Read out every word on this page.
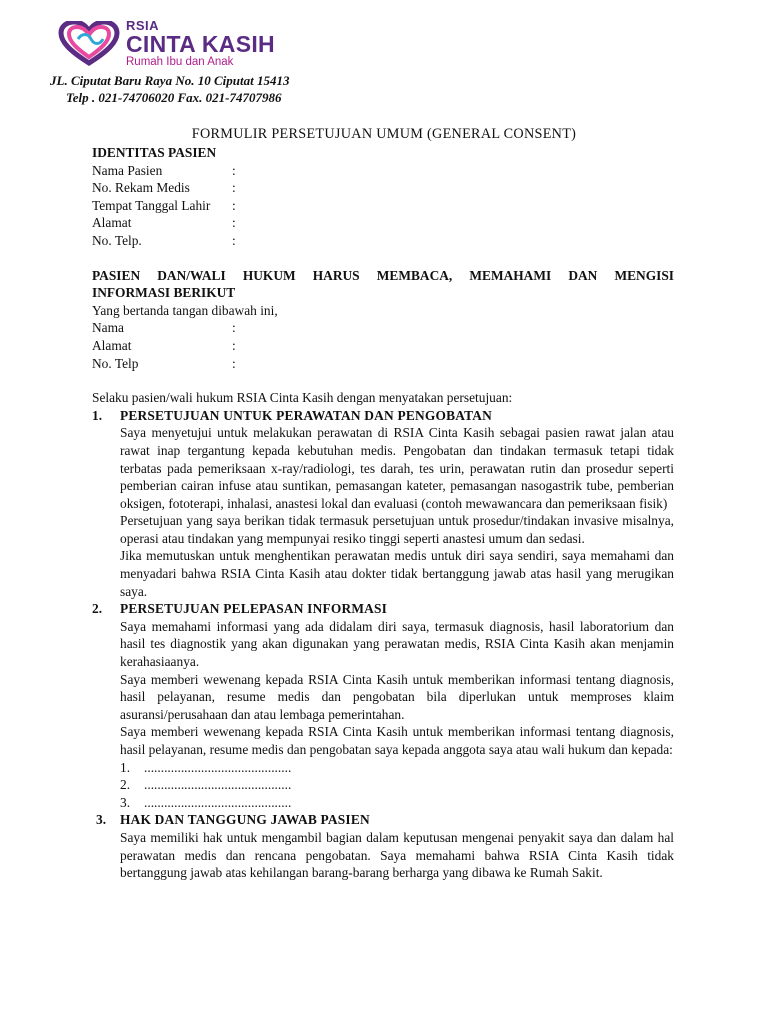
RSIA
CINTA KASIH
Rumah Ibu dan Anak
JL. Ciputat Baru Raya No. 10 Ciputat 15413
Telp . 021-74706020 Fax. 021-74707986
FORMULIR PERSETUJUAN UMUM (GENERAL CONSENT)
IDENTITAS PASIEN
Nama Pasien	:
No. Rekam Medis	:
Tempat Tanggal Lahir	:
Alamat	:
No. Telp.	:
PASIEN DAN/WALI HUKUM HARUS MEMBACA, MEMAHAMI DAN MENGISI
INFORMASI BERIKUT
Yang bertanda tangan dibawah ini,
Nama	:
Alamat	:
No. Telp	:
Selaku pasien/wali hukum RSIA Cinta Kasih dengan menyatakan persetujuan:
1.	PERSETUJUAN UNTUK PERAWATAN DAN PENGOBATAN
Saya menyetujui untuk melakukan perawatan di RSIA Cinta Kasih sebagai pasien rawat jalan atau rawat inap tergantung kepada kebutuhan medis. Pengobatan dan tindakan termasuk tetapi tidak terbatas pada pemeriksaan x-ray/radiologi, tes darah, tes urin, perawatan rutin dan prosedur seperti pemberian cairan infuse atau suntikan, pemasangan kateter, pemasangan nasogastrik tube, pemberian oksigen, fototerapi, inhalasi, anastesi lokal dan evaluasi (contoh mewawancara dan pemeriksaan fisik)
Persetujuan yang saya berikan tidak termasuk persetujuan untuk prosedur/tindakan invasive misalnya, operasi atau tindakan yang mempunyai resiko tinggi seperti anastesi umum dan sedasi.
Jika memutuskan untuk menghentikan perawatan medis untuk diri saya sendiri, saya memahami dan menyadari bahwa RSIA Cinta Kasih atau dokter tidak bertanggung jawab atas hasil yang merugikan saya.
2.	PERSETUJUAN PELEPASAN INFORMASI
Saya memahami informasi yang ada didalam diri saya, termasuk diagnosis, hasil laboratorium dan hasil tes diagnostik yang akan digunakan yang perawatan medis, RSIA Cinta Kasih akan menjamin kerahasiaanya.
Saya memberi wewenang kepada RSIA Cinta Kasih untuk memberikan informasi tentang diagnosis, hasil pelayanan, resume medis dan pengobatan bila diperlukan untuk memproses klaim asuransi/perusahaan dan atau lembaga pemerintahan.
Saya memberi wewenang kepada RSIA Cinta Kasih untuk memberikan informasi tentang diagnosis, hasil pelayanan, resume medis dan pengobatan saya kepada anggota saya atau wali hukum dan kepada:
1.	............................................
2.	............................................
3.	............................................
3.	HAK DAN TANGGUNG JAWAB PASIEN
Saya memiliki hak untuk mengambil bagian dalam keputusan mengenai penyakit saya dan dalam hal perawatan medis dan rencana pengobatan. Saya memahami bahwa RSIA Cinta Kasih tidak bertanggung jawab atas kehilangan barang-barang berharga yang dibawa ke Rumah Sakit.
